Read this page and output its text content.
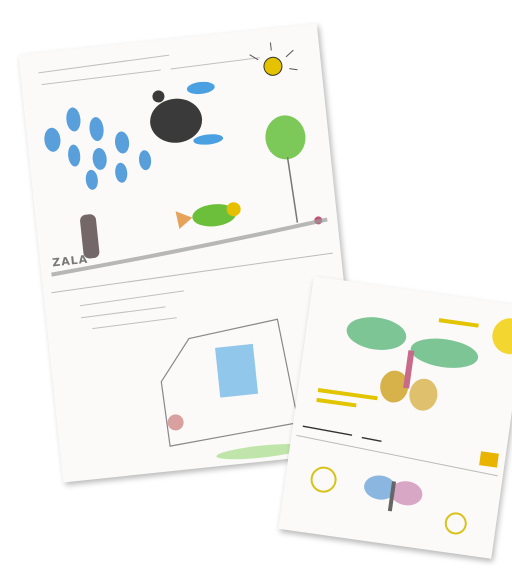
ZALA
